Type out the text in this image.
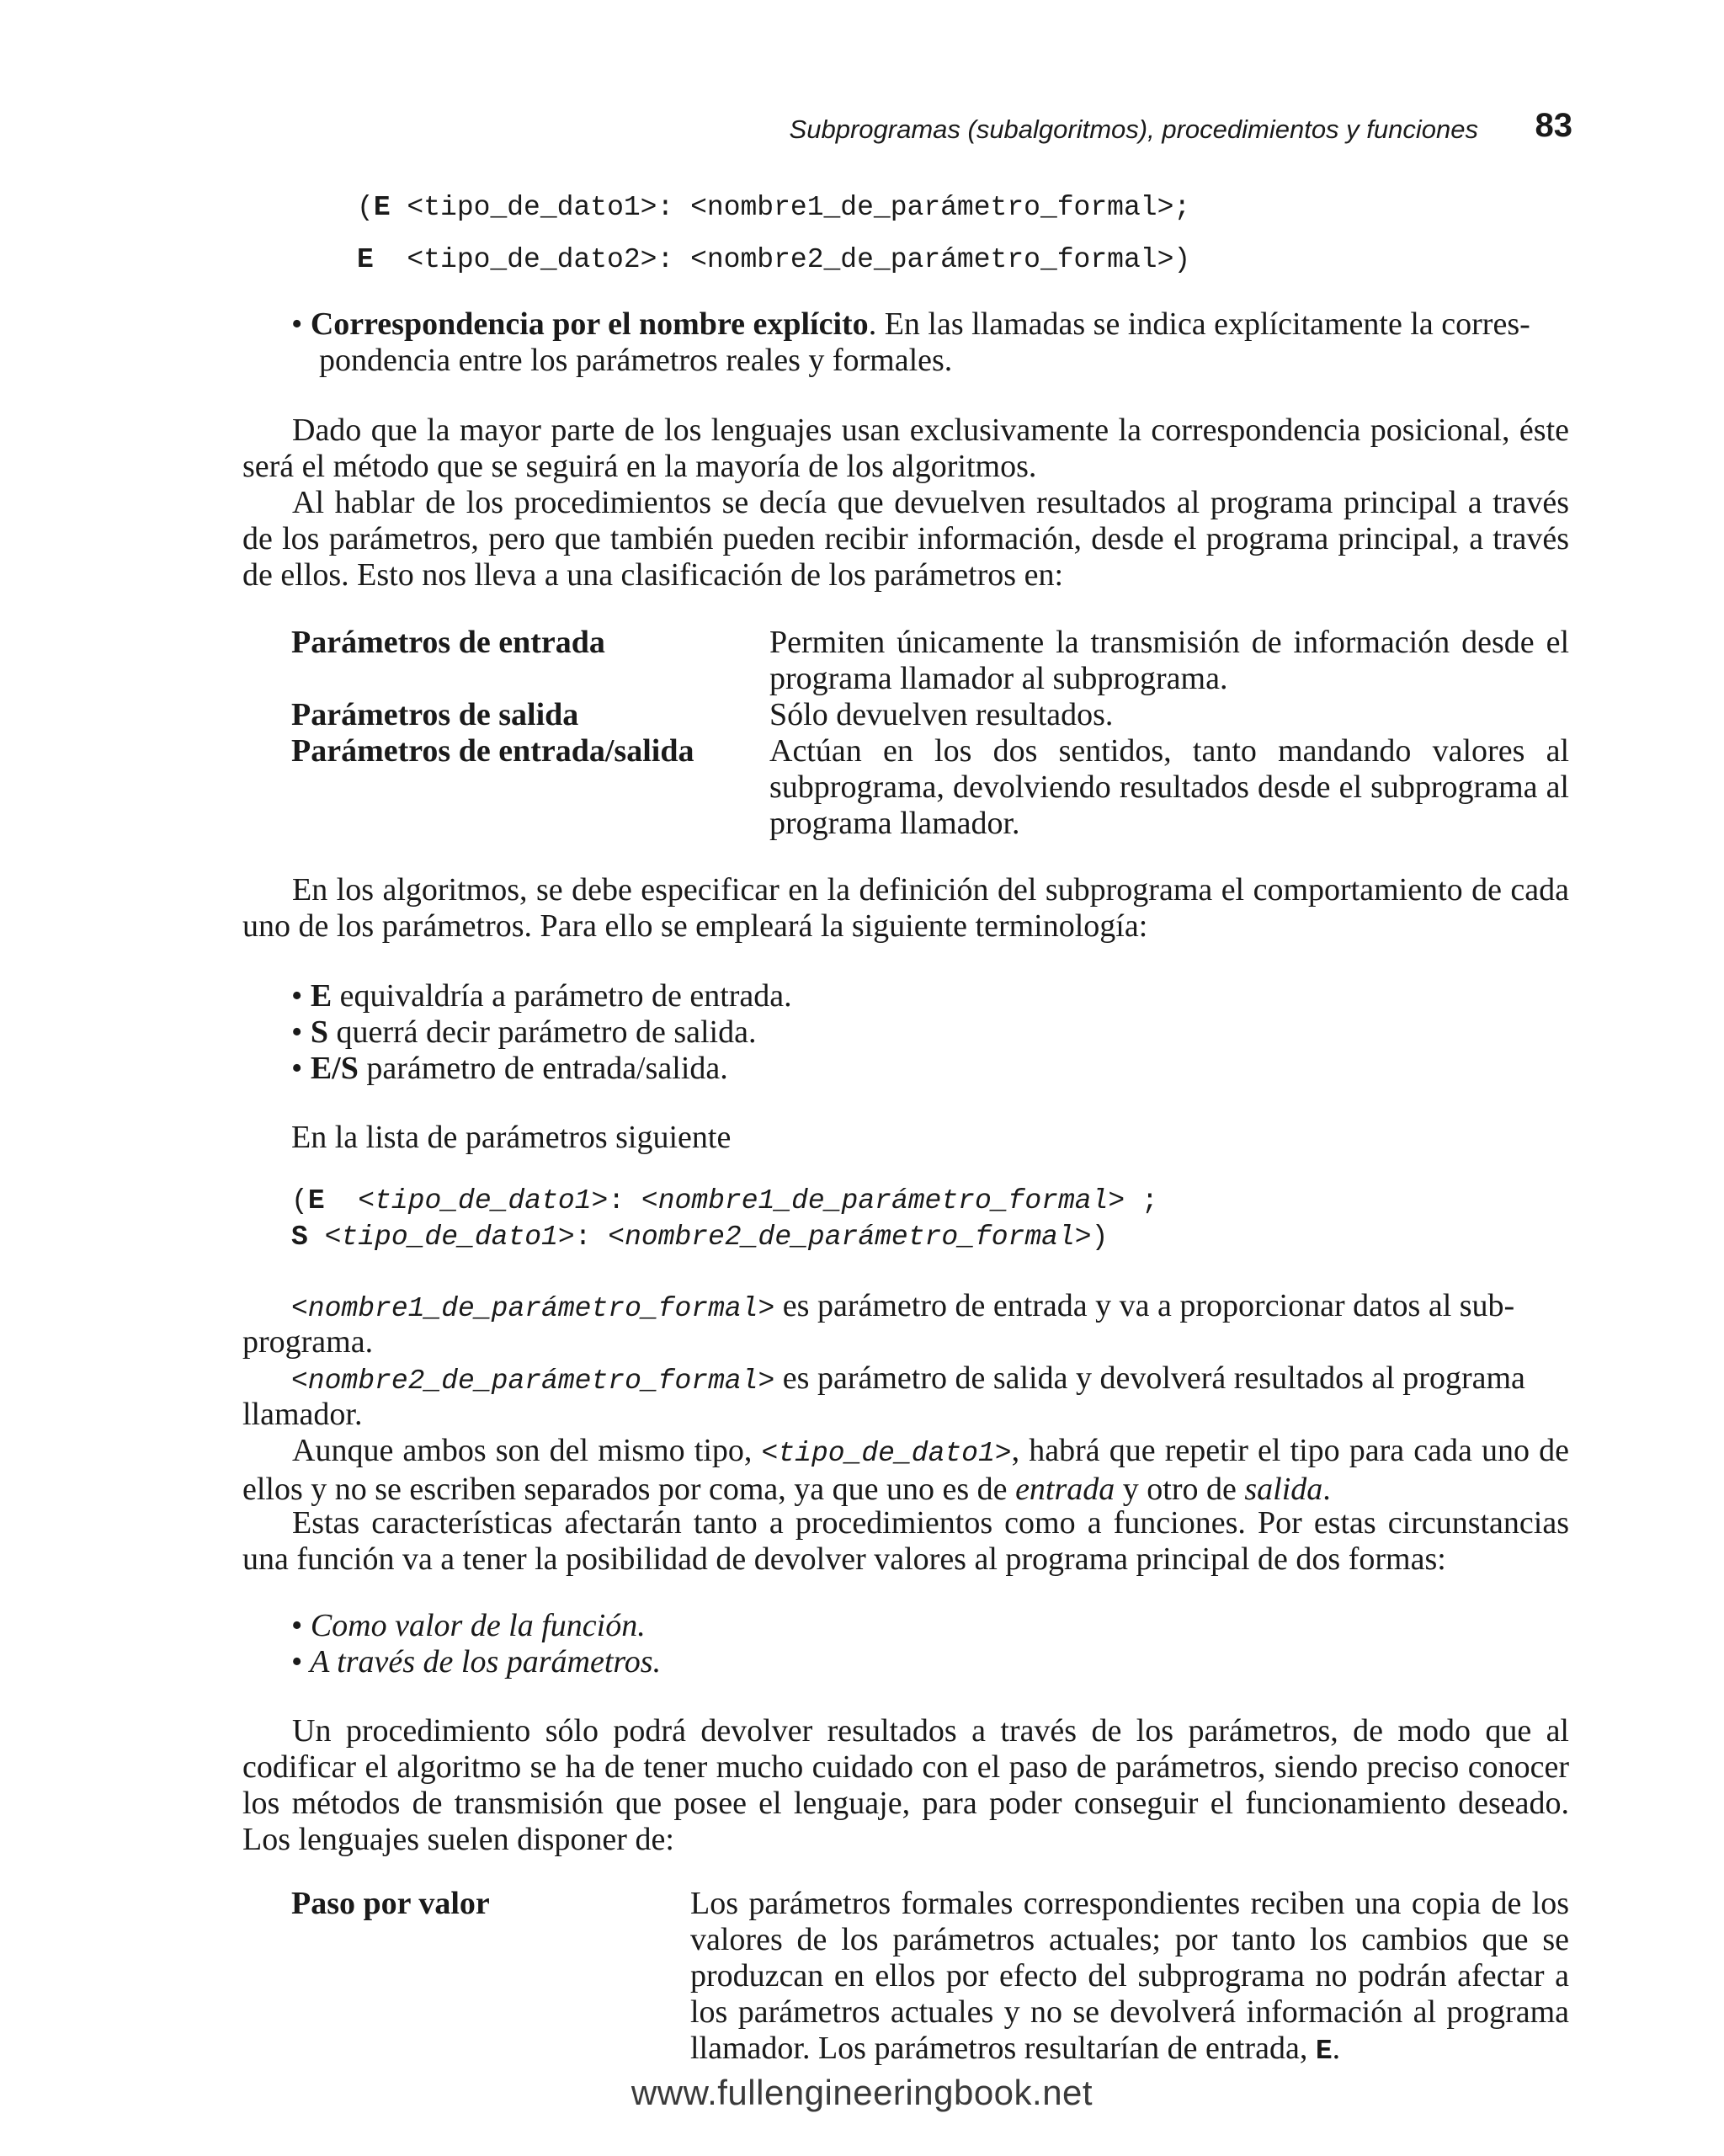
Subprogramas (subalgoritmos), procedimientos y funciones 83
(E <tipo_de_dato1>: <nombre1_de_parámetro_formal>;
E  <tipo_de_dato2>: <nombre2_de_parámetro_formal>)
• Correspondencia por el nombre explícito. En las llamadas se indica explícitamente la corres-
pondencia entre los parámetros reales y formales.
Dado que la mayor parte de los lenguajes usan exclusivamente la correspondencia posicional, éste será el método que se seguirá en la mayoría de los algoritmos.
Al hablar de los procedimientos se decía que devuelven resultados al programa principal a través de los parámetros, pero que también pueden recibir información, desde el programa principal, a través de ellos. Esto nos lleva a una clasificación de los parámetros en:
Parámetros de entrada	Permiten únicamente la transmisión de información desde el programa llamador al subprograma.
Parámetros de salida	Sólo devuelven resultados.
Parámetros de entrada/salida Actúan en los dos sentidos, tanto mandando valores al subprograma, devolviendo resultados desde el subprograma al programa llamador.
En los algoritmos, se debe especificar en la definición del subprograma el comportamiento de cada uno de los parámetros. Para ello se empleará la siguiente terminología:
• E equivaldría a parámetro de entrada.
• S querrá decir parámetro de salida.
• E/S parámetro de entrada/salida.
En la lista de parámetros siguiente
(E  <tipo_de_dato1>: <nombre1_de_parámetro_formal> ;
S <tipo_de_dato1>: <nombre2_de_parámetro_formal>)
<nombre1_de_parámetro_formal> es parámetro de entrada y va a proporcionar datos al sub-
programa.
<nombre2_de_parámetro_formal> es parámetro de salida y devolverá resultados al programa
llamador.
Aunque ambos son del mismo tipo, <tipo_de_dato1>, habrá que repetir el tipo para cada uno de ellos y no se escriben separados por coma, ya que uno es de entrada y otro de salida.
Estas características afectarán tanto a procedimientos como a funciones. Por estas circunstancias una función va a tener la posibilidad de devolver valores al programa principal de dos formas:
• Como valor de la función.
• A través de los parámetros.
Un procedimiento sólo podrá devolver resultados a través de los parámetros, de modo que al codificar el algoritmo se ha de tener mucho cuidado con el paso de parámetros, siendo preciso conocer los métodos de transmisión que posee el lenguaje, para poder conseguir el funcionamiento deseado. Los lenguajes suelen disponer de:
Paso por valor	Los parámetros formales correspondientes reciben una copia de los valores de los parámetros actuales; por tanto los cambios que se produzcan en ellos por efecto del subprograma no podrán afectar a los parámetros actuales y no se devolverá información al programa llamador. Los parámetros resultarían de entrada, E.
www.fullengineeringbook.net
